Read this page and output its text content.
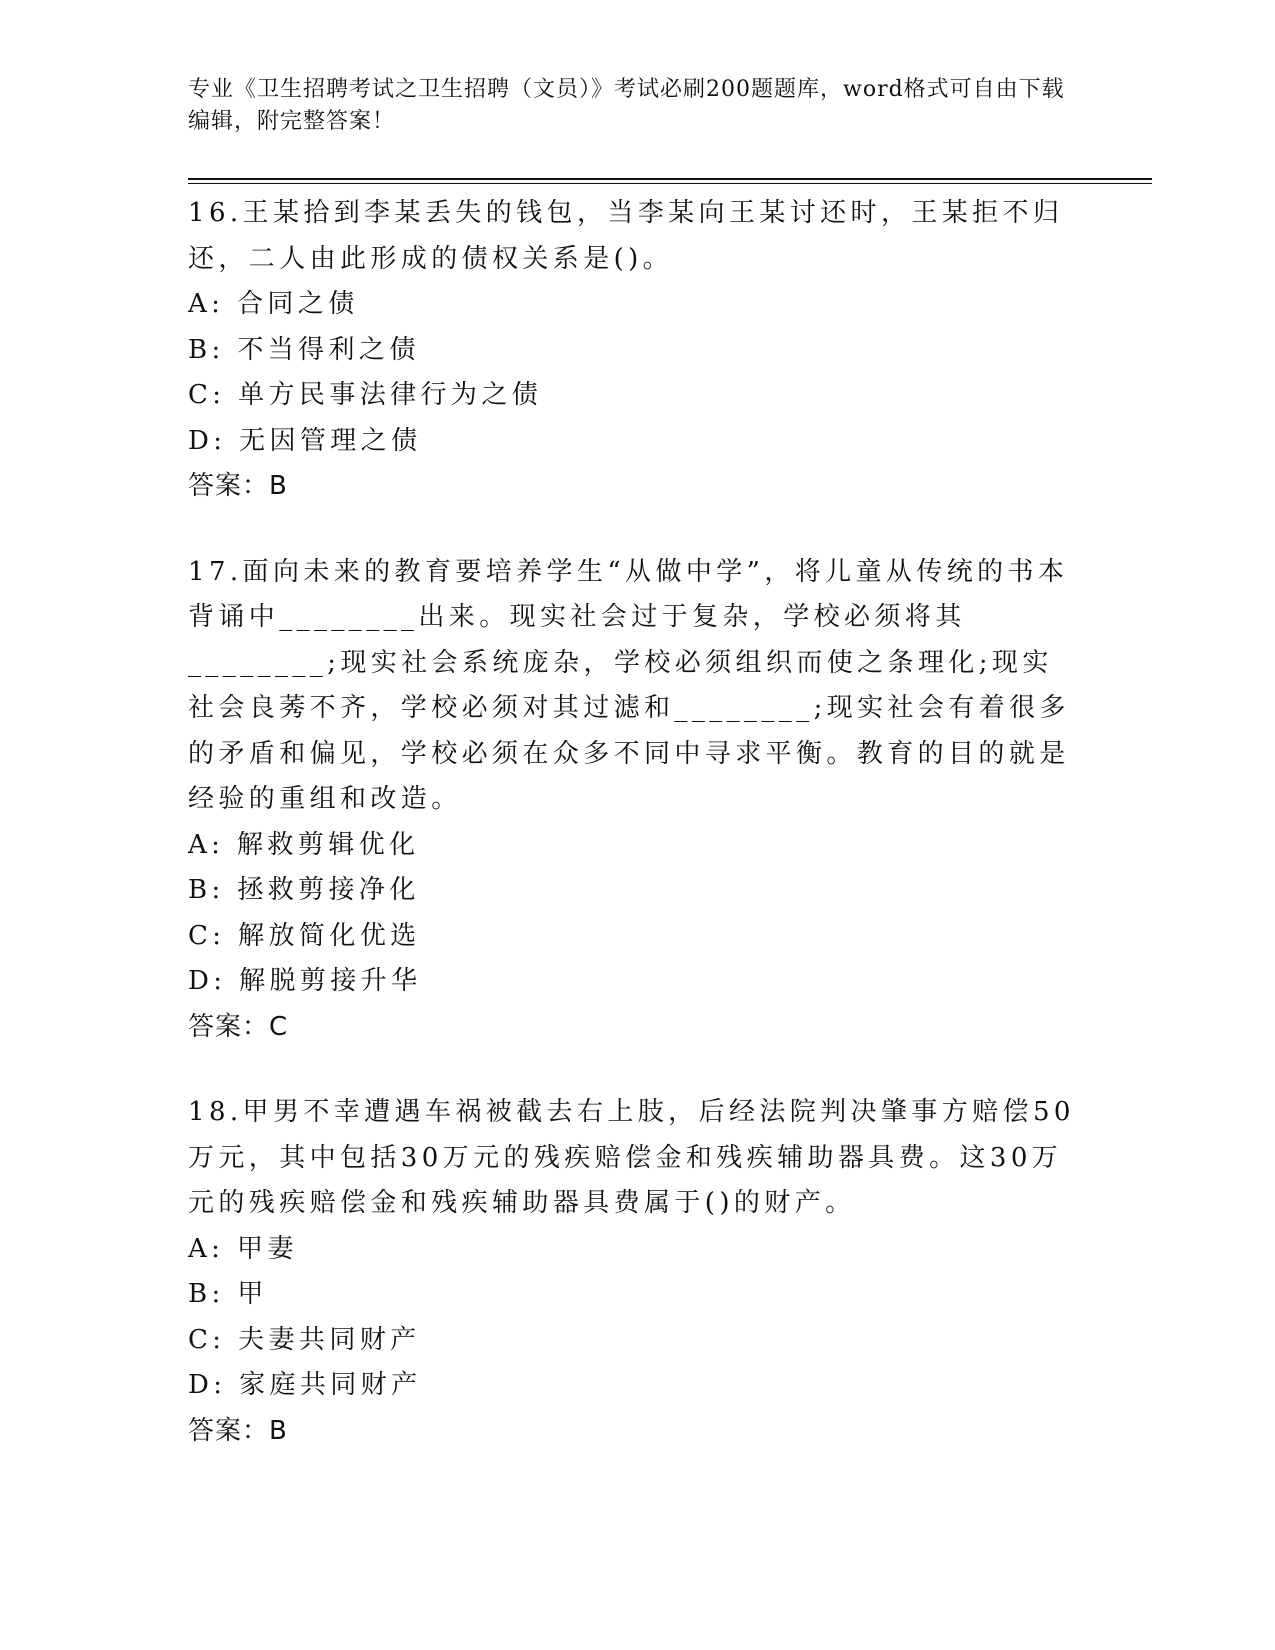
专业《卫生招聘考试之卫生招聘（文员）》考试必刷200题题库，word格式可自由下载编辑，附完整答案！
16.王某拾到李某丢失的钱包，当李某向王某讨还时，王某拒不归还，二人由此形成的债权关系是()。
A: 合同之债
B: 不当得利之债
C: 单方民事法律行为之债
D: 无因管理之债
答案：B
17.面向未来的教育要培养学生“从做中学”，将儿童从传统的书本背诵中________出来。现实社会过于复杂，学校必须将其________;现实社会系统庞杂，学校必须组织而使之条理化;现实社会良莠不齐，学校必须对其过滤和________;现实社会有着很多的矛盾和偏见，学校必须在众多不同中寻求平衡。教育的目的就是经验的重组和改造。
A: 解救剪辑优化
B: 拯救剪接净化
C: 解放简化优选
D: 解脱剪接升华
答案：C
18.甲男不幸遭遇车祸被截去右上肢，后经法院判决肇事方赔偿50万元，其中包括30万元的残疾赔偿金和残疾辅助器具费。这30万元的残疾赔偿金和残疾辅助器具费属于()的财产。
A: 甲妻
B: 甲
C: 夫妻共同财产
D: 家庭共同财产
答案：B
